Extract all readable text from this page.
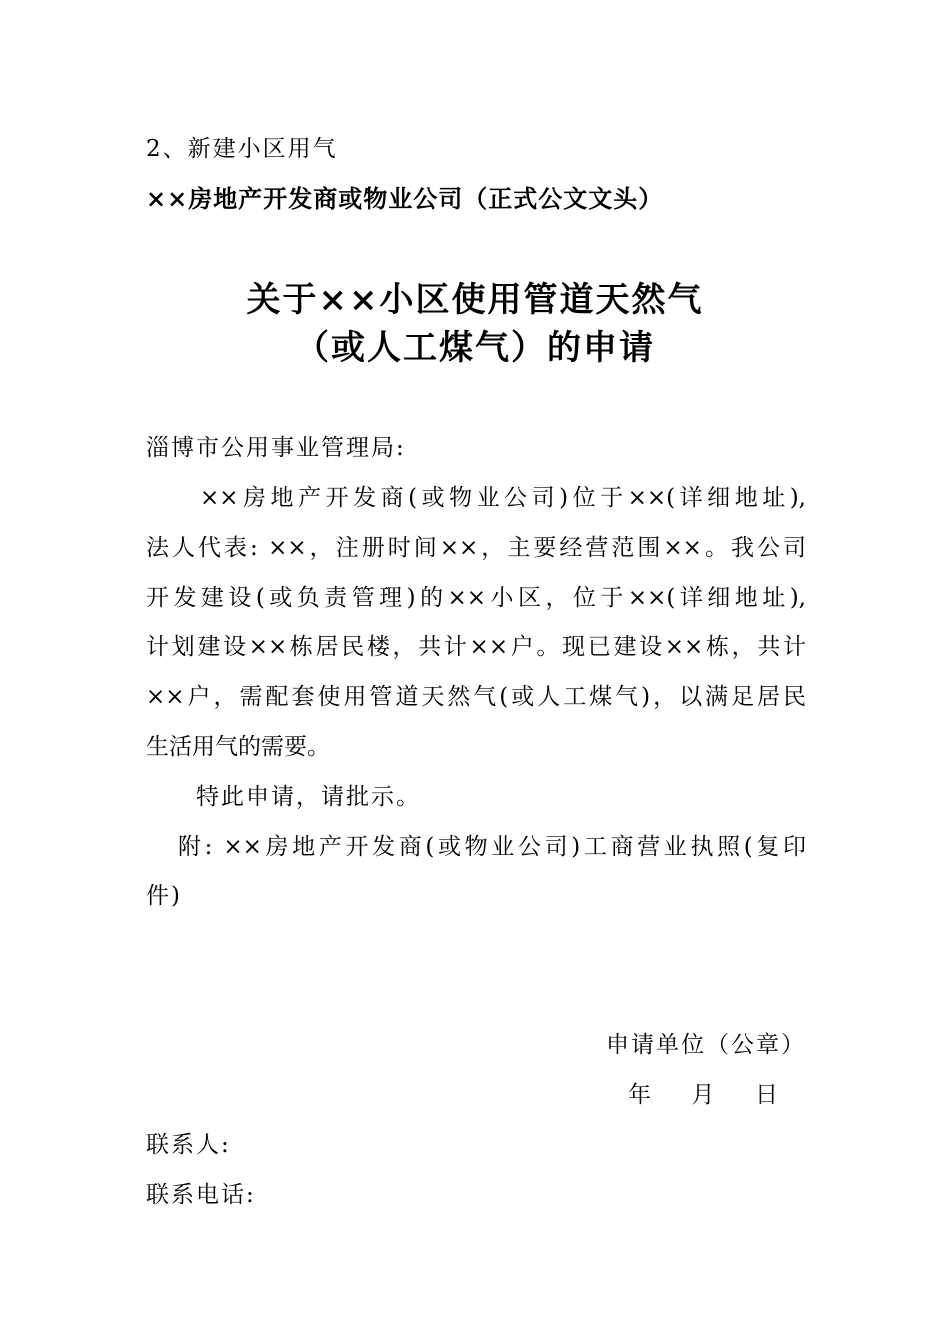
2、新建小区用气
××房地产开发商或物业公司（正式公文文头）
关于××小区使用管道天然气
（或人工煤气）的申请
淄博市公用事业管理局:
××房地产开发商(或物业公司)位于××(详细地址),
法人代表: ××，注册时间××，主要经营范围××。我公司
开发建设(或负责管理)的××小区，位于××(详细地址),
计划建设××栋居民楼，共计××户。现已建设××栋，共计
××户，需配套使用管道天然气(或人工煤气)，以满足居民
生活用气的需要。
特此申请，请批示。
附: ××房地产开发商(或物业公司)工商营业执照(复印
件)
申请单位（公章）
年 月 日
联系人:
联系电话:
